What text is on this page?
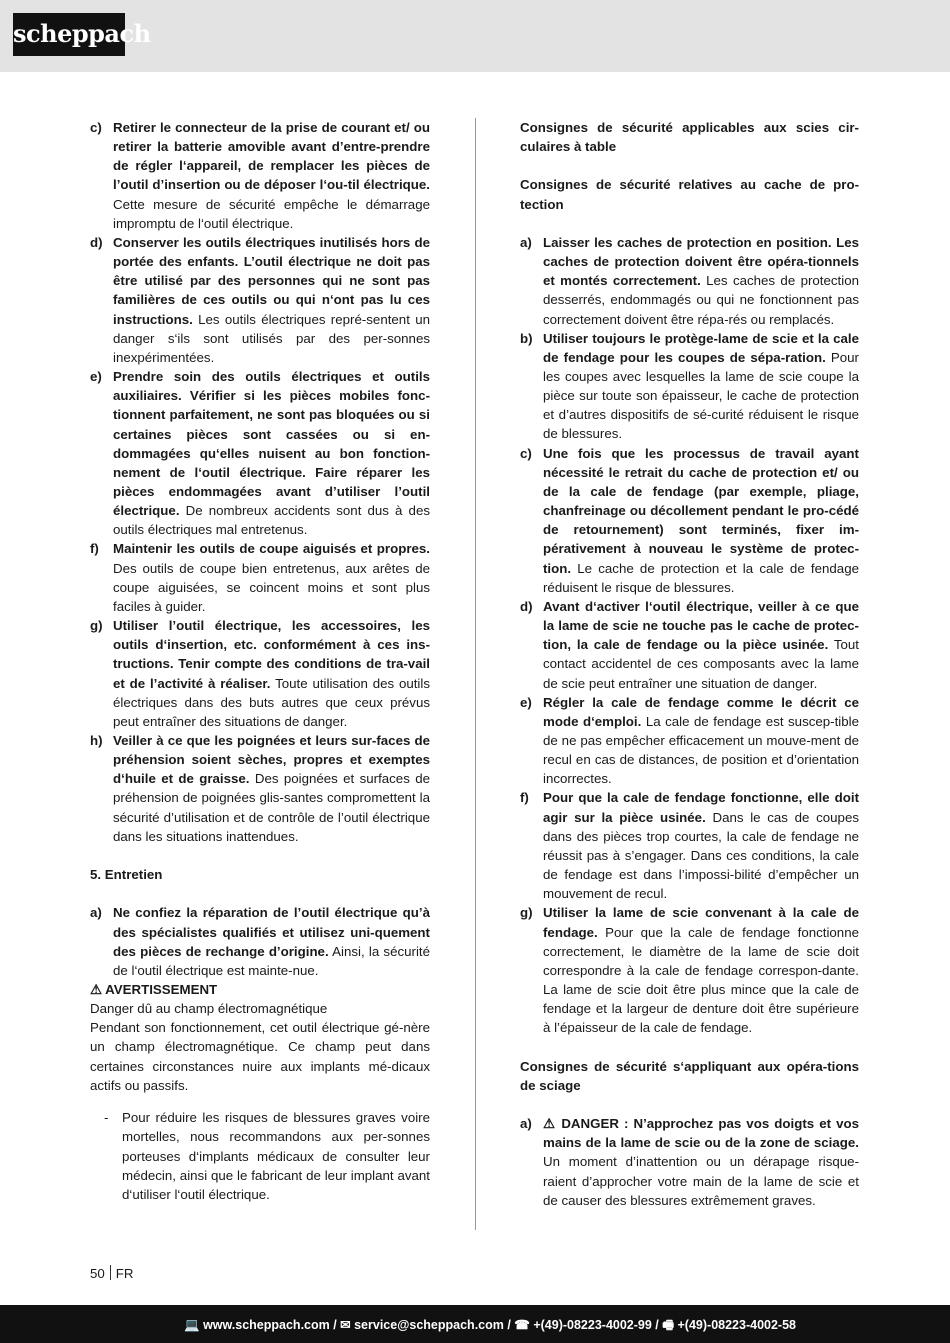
scheppach
c) Retirer le connecteur de la prise de courant et/ ou retirer la batterie amovible avant d’entre-prendre de régler l‘appareil, de remplacer les pièces de l’outil d’insertion ou de déposer l‘ou-til électrique. Cette mesure de sécurité empêche le démarrage impromptu de l‘outil électrique.

d) Conserver les outils électriques inutilisés hors de portée des enfants. L’outil électrique ne doit pas être utilisé par des personnes qui ne sont pas familières de ces outils ou qui n‘ont pas lu ces instructions. Les outils électriques repré-sentent un danger s‘ils sont utilisés par des per-sonnes inexpérimentées.

e) Prendre soin des outils électriques et outils auxiliaires. Vérifier si les pièces mobiles fonc-tionnent parfaitement, ne sont pas bloquées ou si certaines pièces sont cassées ou si en-dommagées qu‘elles nuisent au bon fonction-nement de l‘outil électrique. Faire réparer les pièces endommagées avant d’utiliser l’outil électrique. De nombreux accidents sont dus à des outils électriques mal entretenus.

f) Maintenir les outils de coupe aiguisés et propres. Des outils de coupe bien entretenus, aux arêtes de coupe aiguisées, se coincent moins et sont plus faciles à guider.

g) Utiliser l’outil électrique, les accessoires, les outils d‘insertion, etc. conformément à ces ins-tructions. Tenir compte des conditions de tra-vail et de l’activité à réaliser. Toute utilisation des outils électriques dans des buts autres que ceux prévus peut entraîner des situations de danger.

h) Veiller à ce que les poignées et leurs sur-faces de préhension soient sèches, propres et exemptes d‘huile et de graisse. Des poignées et surfaces de préhension de poignées glis-santes compromettent la sécurité d’utilisation et de contrôle de l’outil électrique dans les situations inattendues.

5. Entretien

a) Ne confiez la réparation de l’outil électrique qu’à des spécialistes qualifiés et utilisez uni-quement des pièces de rechange d’origine. Ainsi, la sécurité de l‘outil électrique est mainte-nue.

⚠ AVERTISSEMENT

Danger dû au champ électromagnétique

Pendant son fonctionnement, cet outil électrique gé-nère un champ électromagnétique. Ce champ peut dans certaines circonstances nuire aux implants mé-dicaux actifs ou passifs.

- Pour réduire les risques de blessures graves voire mortelles, nous recommandons aux per-sonnes porteuses d‘implants médicaux de consulter leur médecin, ainsi que le fabricant de leur implant avant d‘utiliser l‘outil électrique.

Consignes de sécurité applicables aux scies cir-culaires à table

Consignes de sécurité relatives au cache de pro-tection

a) Laisser les caches de protection en position. Les caches de protection doivent être opéra-tionnels et montés correctement. Les caches de protection desserrés, endommagés ou qui ne fonctionnent pas correctement doivent être répa-rés ou remplacés.

b) Utiliser toujours le protège-lame de scie et la cale de fendage pour les coupes de sépa-ration. Pour les coupes avec lesquelles la lame de scie coupe la pièce sur toute son épaisseur, le cache de protection et d’autres dispositifs de sé-curité réduisent le risque de blessures.

c) Une fois que les processus de travail ayant nécessité le retrait du cache de protection et/ ou de la cale de fendage (par exemple, pliage, chanfreinage ou décollement pendant le pro-cédé de retournement) sont terminés, fixer im-pérativement à nouveau le système de protec-tion. Le cache de protection et la cale de fendage réduisent le risque de blessures.

d) Avant d‘activer l‘outil électrique, veiller à ce que la lame de scie ne touche pas le cache de protec-tion, la cale de fendage ou la pièce usinée. Tout contact accidentel de ces composants avec la lame de scie peut entraîner une situation de danger.

e) Régler la cale de fendage comme le décrit ce mode d‘emploi. La cale de fendage est suscep-tible de ne pas empêcher efficacement un mouve-ment de recul en cas de distances, de position et d’orientation incorrectes.

f) Pour que la cale de fendage fonctionne, elle doit agir sur la pièce usinée. Dans le cas de coupes dans des pièces trop courtes, la cale de fendage ne réussit pas à s’engager. Dans ces conditions, la cale de fendage est dans l’impossi-bilité d’empêcher un mouvement de recul.

g) Utiliser la lame de scie convenant à la cale de fendage. Pour que la cale de fendage fonctionne correctement, le diamètre de la lame de scie doit correspondre à la cale de fendage correspon-dante. La lame de scie doit être plus mince que la cale de fendage et la largeur de denture doit être supérieure à l’épaisseur de la cale de fendage.

Consignes de sécurité s‘appliquant aux opéra-tions de sciage

a) ⚠ DANGER : N’approchez pas vos doigts et vos mains de la lame de scie ou de la zone de sciage. Un moment d’inattention ou un dérapage risque-raient d’approcher votre main de la lame de scie et de causer des blessures extrêmement graves.

50 FR
💻 www.scheppach.com / ✉ service@scheppach.com / ☎ +(49)-08223-4002-99 / 🖷 +(49)-08223-4002-58
